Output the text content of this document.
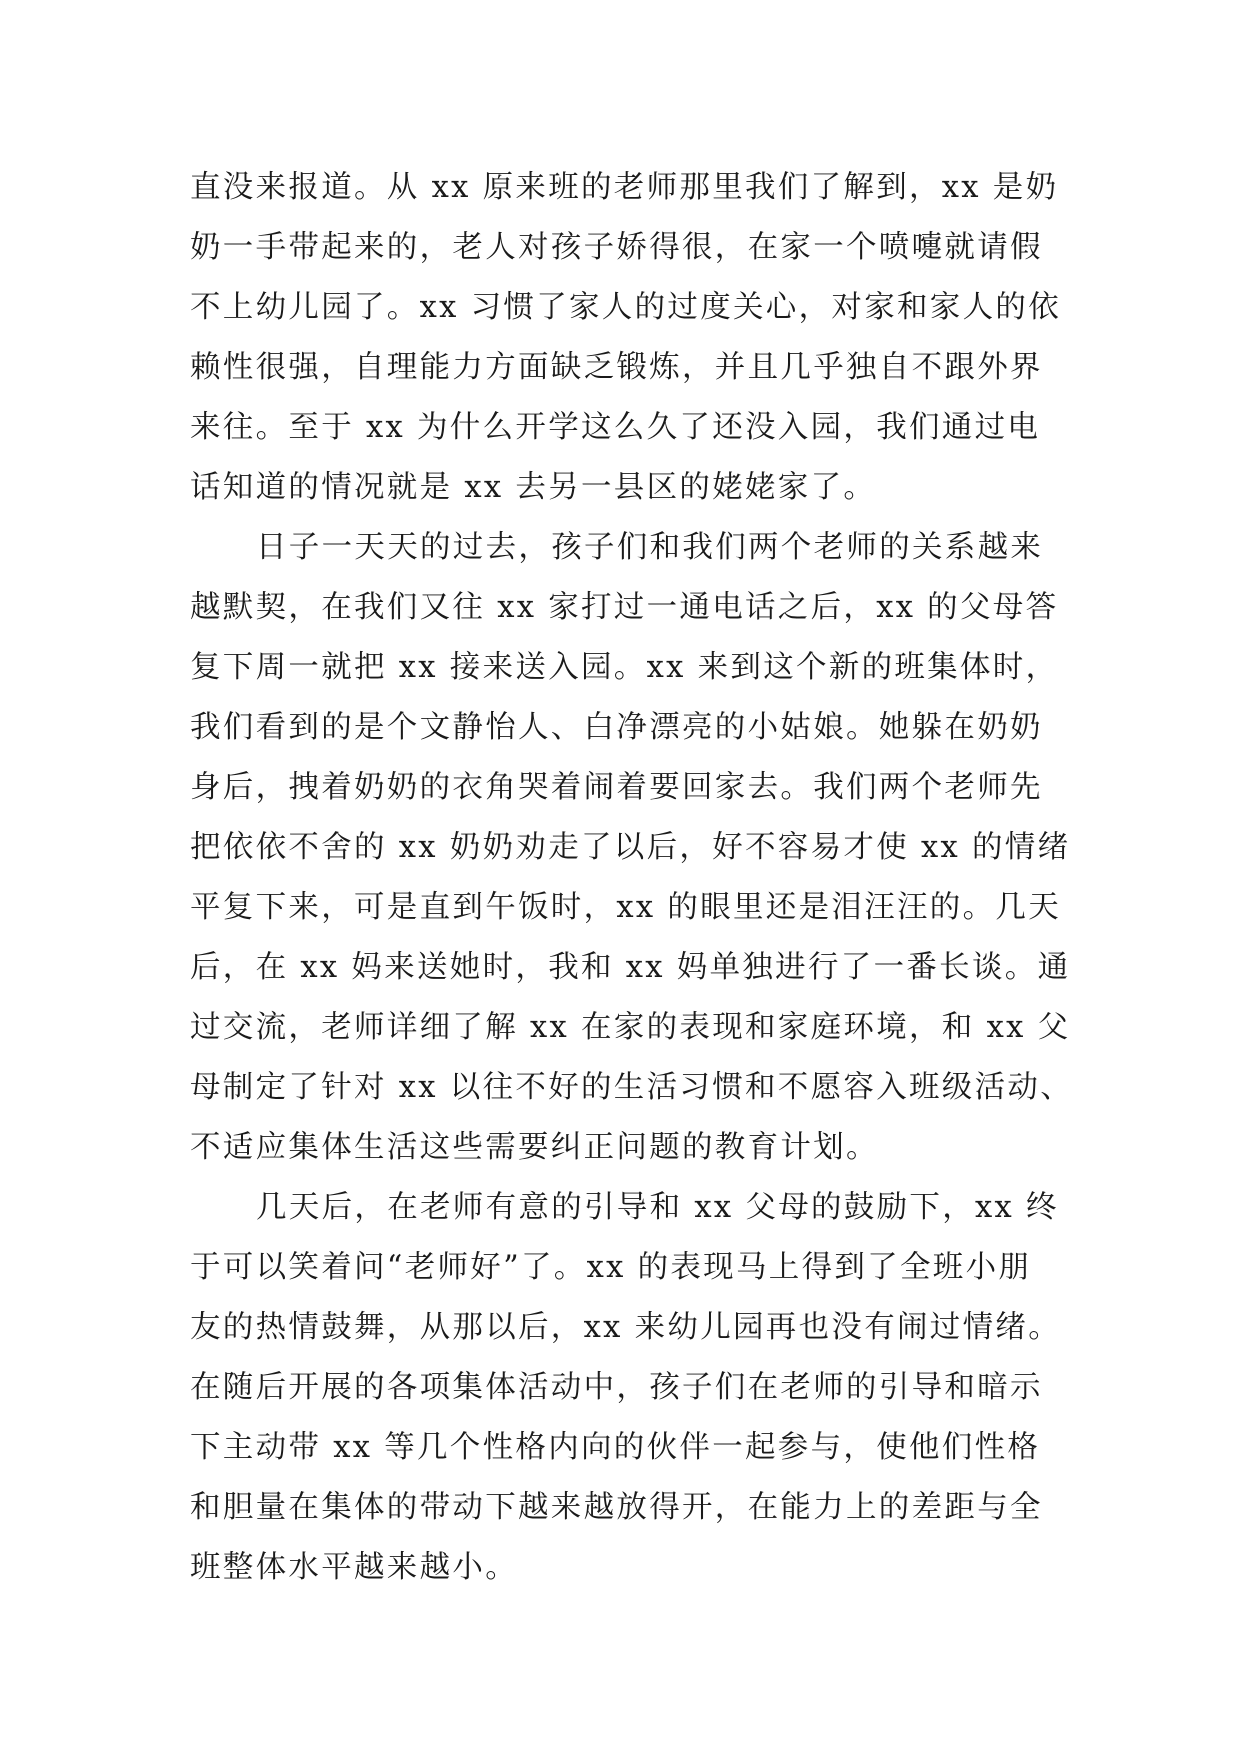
直没来报道。从 xx 原来班的老师那里我们了解到，xx 是奶
奶一手带起来的，老人对孩子娇得很，在家一个喷嚏就请假
不上幼儿园了。xx 习惯了家人的过度关心，对家和家人的依
赖性很强，自理能力方面缺乏锻炼，并且几乎独自不跟外界
来往。至于 xx 为什么开学这么久了还没入园，我们通过电
话知道的情况就是 xx 去另一县区的姥姥家了。
日子一天天的过去，孩子们和我们两个老师的关系越来
越默契，在我们又往 xx 家打过一通电话之后，xx 的父母答
复下周一就把 xx 接来送入园。xx 来到这个新的班集体时，
我们看到的是个文静怡人、白净漂亮的小姑娘。她躲在奶奶
身后，拽着奶奶的衣角哭着闹着要回家去。我们两个老师先
把依依不舍的 xx 奶奶劝走了以后，好不容易才使 xx 的情绪
平复下来，可是直到午饭时，xx 的眼里还是泪汪汪的。几天
后，在 xx 妈来送她时，我和 xx 妈单独进行了一番长谈。通
过交流，老师详细了解 xx 在家的表现和家庭环境，和 xx 父
母制定了针对 xx 以往不好的生活习惯和不愿容入班级活动、
不适应集体生活这些需要纠正问题的教育计划。
几天后，在老师有意的引导和 xx 父母的鼓励下，xx 终
于可以笑着问“老师好”了。xx 的表现马上得到了全班小朋
友的热情鼓舞，从那以后，xx 来幼儿园再也没有闹过情绪。
在随后开展的各项集体活动中，孩子们在老师的引导和暗示
下主动带 xx 等几个性格内向的伙伴一起参与，使他们性格
和胆量在集体的带动下越来越放得开，在能力上的差距与全
班整体水平越来越小。
